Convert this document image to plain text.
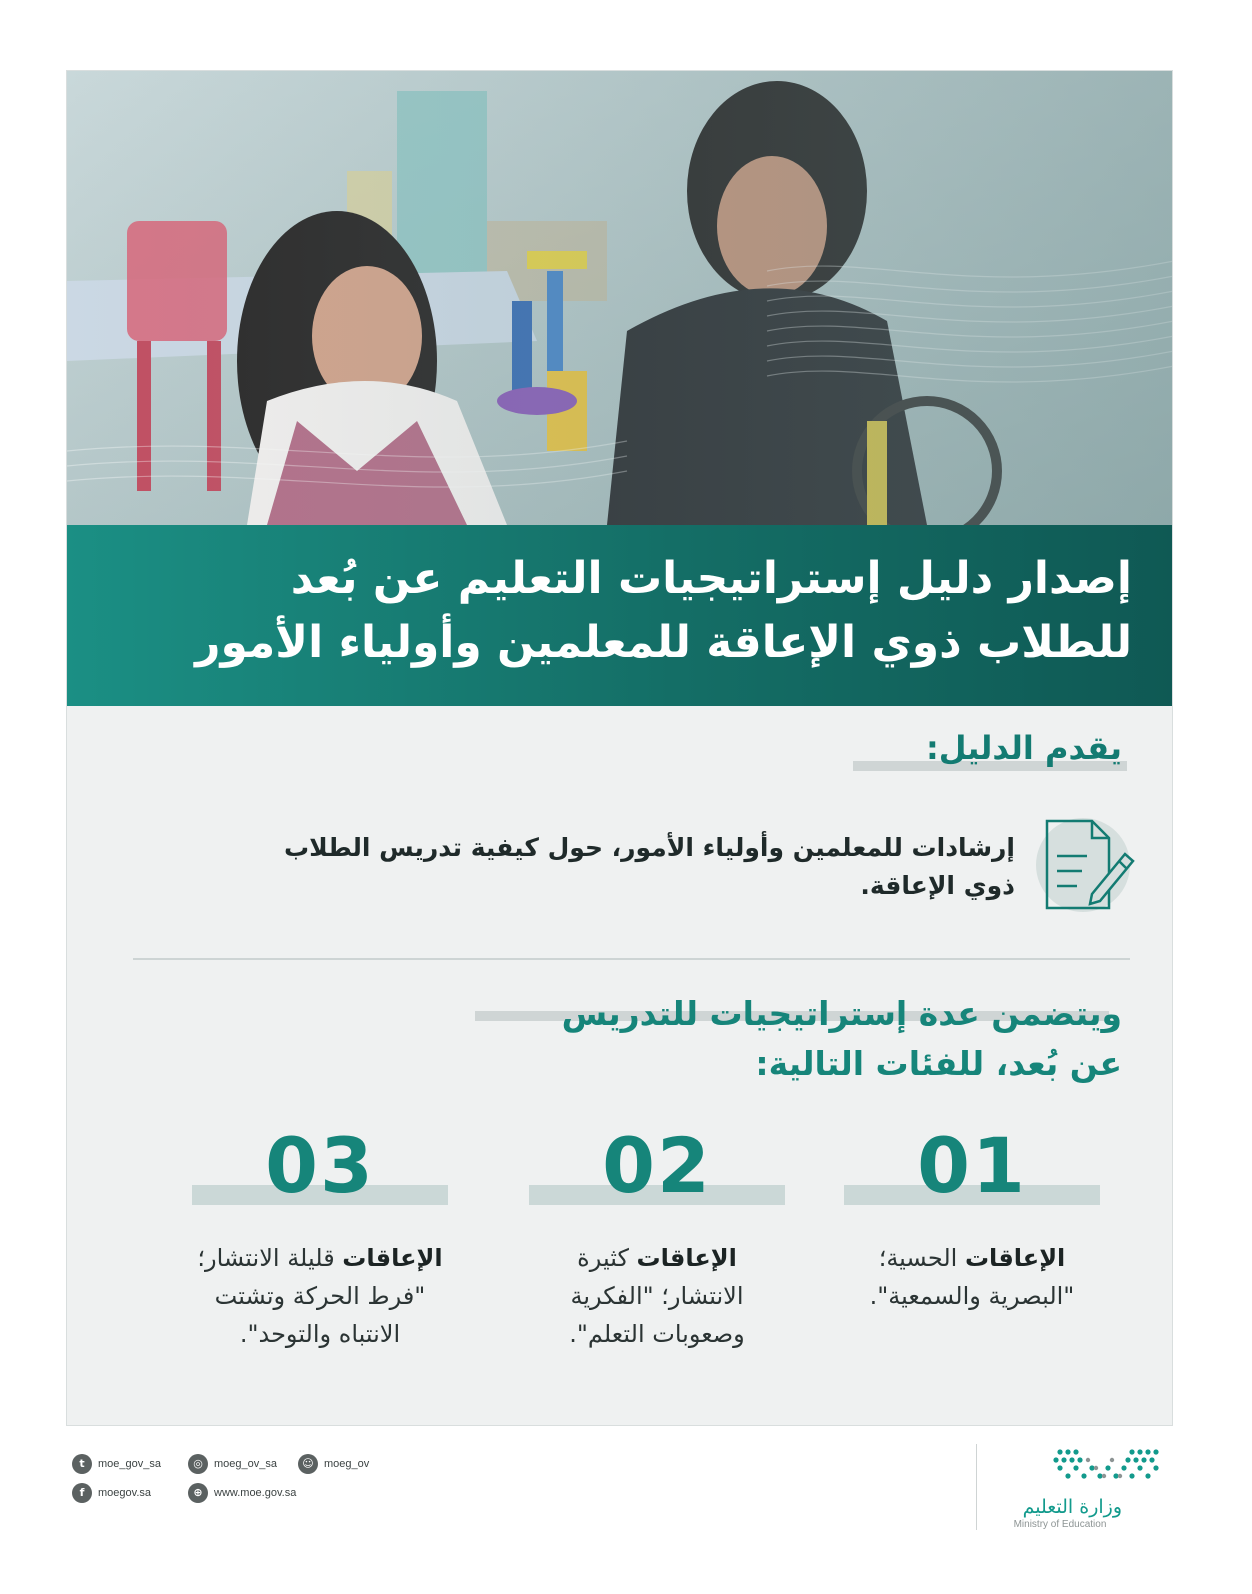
إصدار دليل إستراتيجيات التعليم عن بُعد
للطلاب ذوي الإعاقة للمعلمين وأولياء الأمور
يقدم الدليل:
إرشادات للمعلمين وأولياء الأمور، حول كيفية تدريس الطلاب
ذوي الإعاقة.
ويتضمن عدة إستراتيجيات للتدريس
عن بُعد، للفئات التالية:
01
الإعاقات الحسية؛
"البصرية والسمعية".
02
الإعاقات كثيرة
الانتشار؛ "الفكرية
وصعوبات التعلم".
03
الإعاقات قليلة الانتشار؛
"فرط الحركة وتشتت
الانتباه والتوحد".
t	moe_gov_sa	◎	moeg_ov_sa	☺ moeg_ov
f	moegov.sa	⊕	www.moe.gov.sa
وزارة التعليم
Ministry of Education
